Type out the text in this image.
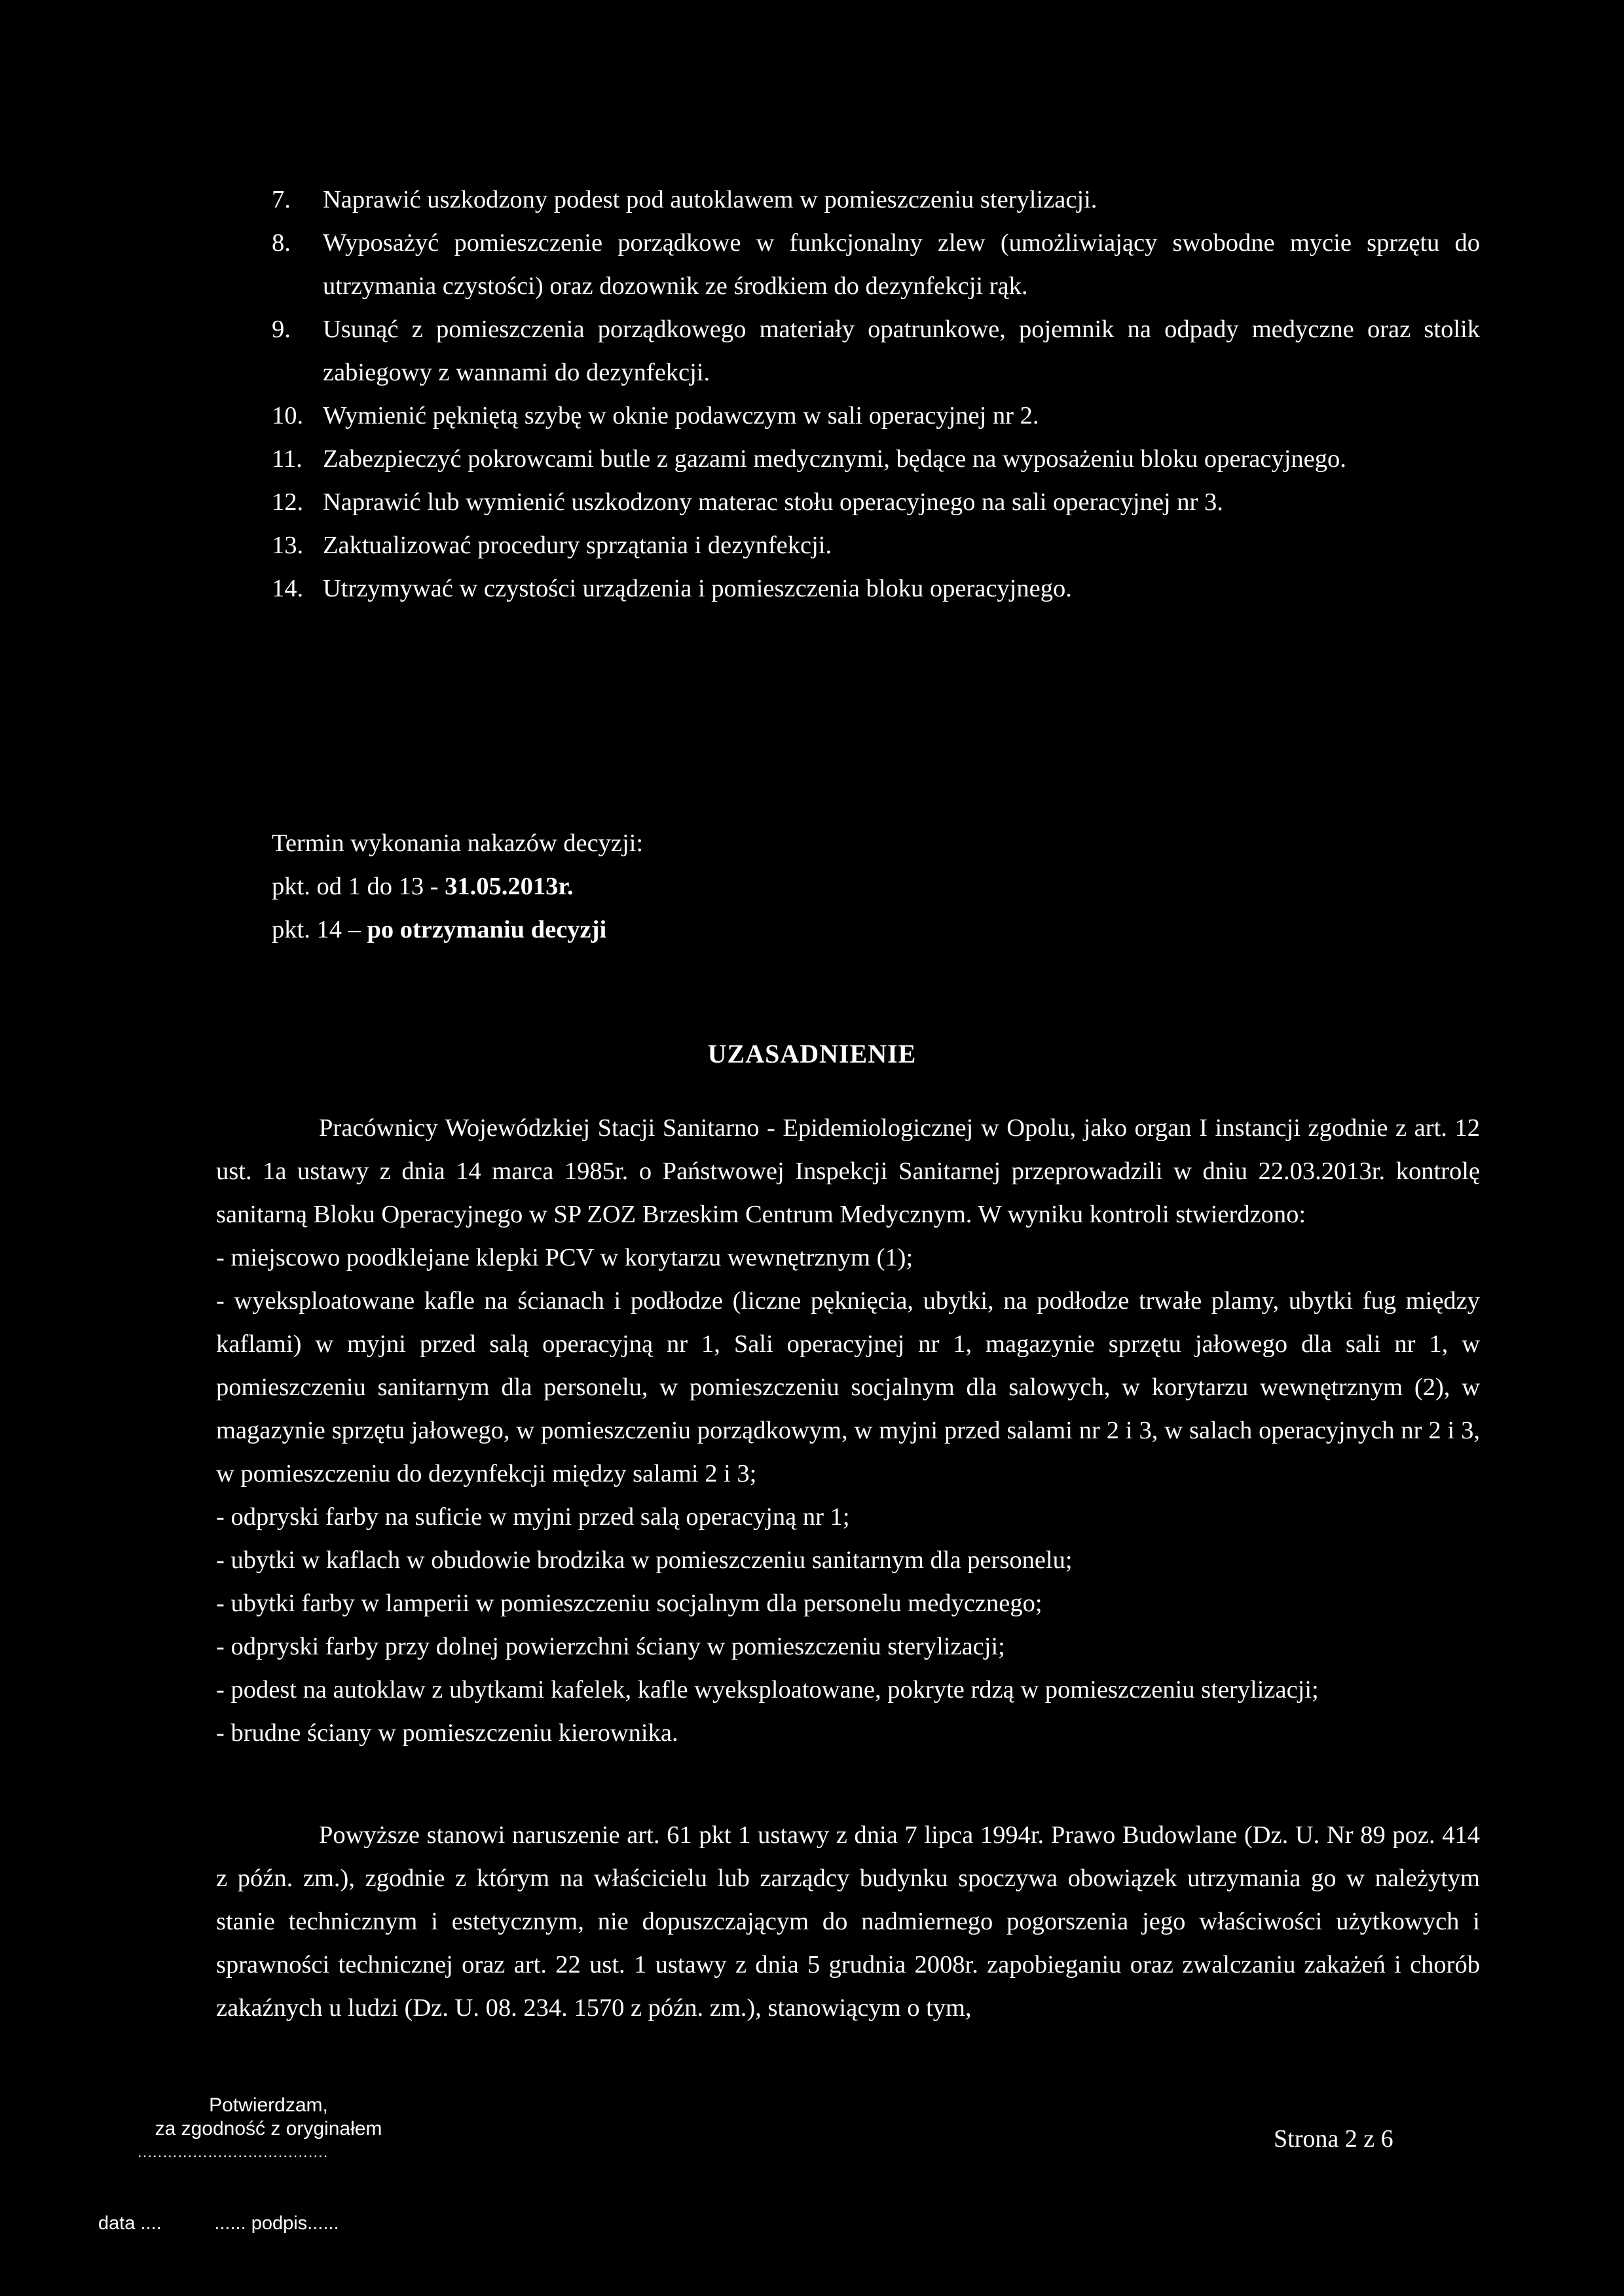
7. Naprawić uszkodzony podest pod autoklawem w pomieszczeniu sterylizacji.
8. Wyposażyć pomieszczenie porządkowe w funkcjonalny zlew (umożliwiający swobodne mycie sprzętu do utrzymania czystości) oraz dozownik ze środkiem do dezynfekcji rąk.
9. Usunąć z pomieszczenia porządkowego materiały opatrunkowe, pojemnik na odpady medyczne oraz stolik zabiegowy z wannami do dezynfekcji.
10. Wymienić pękniętą szybę w oknie podawczym w sali operacyjnej nr 2.
11. Zabezpieczyć pokrowcami butle z gazami medycznymi, będące na wyposażeniu bloku operacyjnego.
12. Naprawić lub wymienić uszkodzony materac stołu operacyjnego na sali operacyjnej nr 3.
13. Zaktualizować procedury sprzątania i dezynfekcji.
14. Utrzymywać w czystości urządzenia i pomieszczenia bloku operacyjnego.
Termin wykonania nakazów decyzji:
pkt. od 1 do 13 - 31.05.2013r.
pkt. 14 – po otrzymaniu decyzji
UZASADNIENIE
Pracównicy Wojewódzkiej Stacji Sanitarno - Epidemiologicznej w Opolu, jako organ I instancji zgodnie z art. 12 ust. 1a ustawy z dnia 14 marca 1985r. o Państwowej Inspekcji Sanitarnej przeprowadzili w dniu 22.03.2013r. kontrolę sanitarną Bloku Operacyjnego w SP ZOZ Brzeskim Centrum Medycznym. W wyniku kontroli stwierdzono:
- miejscowo poodklejane klepki PCV w korytarzu wewnętrznym (1);
- wyeksploatowane kafle na ścianach i podłodze (liczne pęknięcia, ubytki, na podłodze trwałe plamy, ubytki fug między kaflami) w myjni przed salą operacyjną nr 1, Sali operacyjnej nr 1, magazynie sprzętu jałowego dla sali nr 1, w pomieszczeniu sanitarnym dla personelu, w pomieszczeniu socjalnym dla salowych, w korytarzu wewnętrznym (2), w magazynie sprzętu jałowego, w pomieszczeniu porządkowym, w myjni przed salami nr 2 i 3, w salach operacyjnych nr 2 i 3, w pomieszczeniu do dezynfekcji między salami 2 i 3;
- odpryski farby na suficie w myjni przed salą operacyjną nr 1;
- ubytki w kaflach w obudowie brodzika w pomieszczeniu sanitarnym dla personelu;
- ubytki farby w lamperii w pomieszczeniu socjalnym dla personelu medycznego;
- odpryski farby przy dolnej powierzchni ściany w pomieszczeniu sterylizacji;
- podest na autoklaw z ubytkami kafelek, kafle wyeksploatowane, pokryte rdzą w pomieszczeniu sterylizacji;
- brudne ściany w pomieszczeniu kierownika.
Powyższe stanowi naruszenie art. 61 pkt 1 ustawy z dnia 7 lipca 1994r. Prawo Budowlane (Dz. U. Nr 89 poz. 414 z późn. zm.), zgodnie z którym na właścicielu lub zarządcy budynku spoczywa obowiązek utrzymania go w należytym stanie technicznym i estetycznym, nie dopuszczającym do nadmiernego pogorszenia jego właściwości użytkowych i sprawności technicznej oraz art. 22 ust. 1 ustawy z dnia 5 grudnia 2008r. zapobieganiu oraz zwalczaniu zakażeń i chorób zakaźnych u ludzi (Dz. U. 08. 234. 1570 z późn. zm.), stanowiącym o tym,
Potwierdzam,
za zgodność z oryginałem
......................................
data ....          ...... podpis......
Strona 2 z 6
